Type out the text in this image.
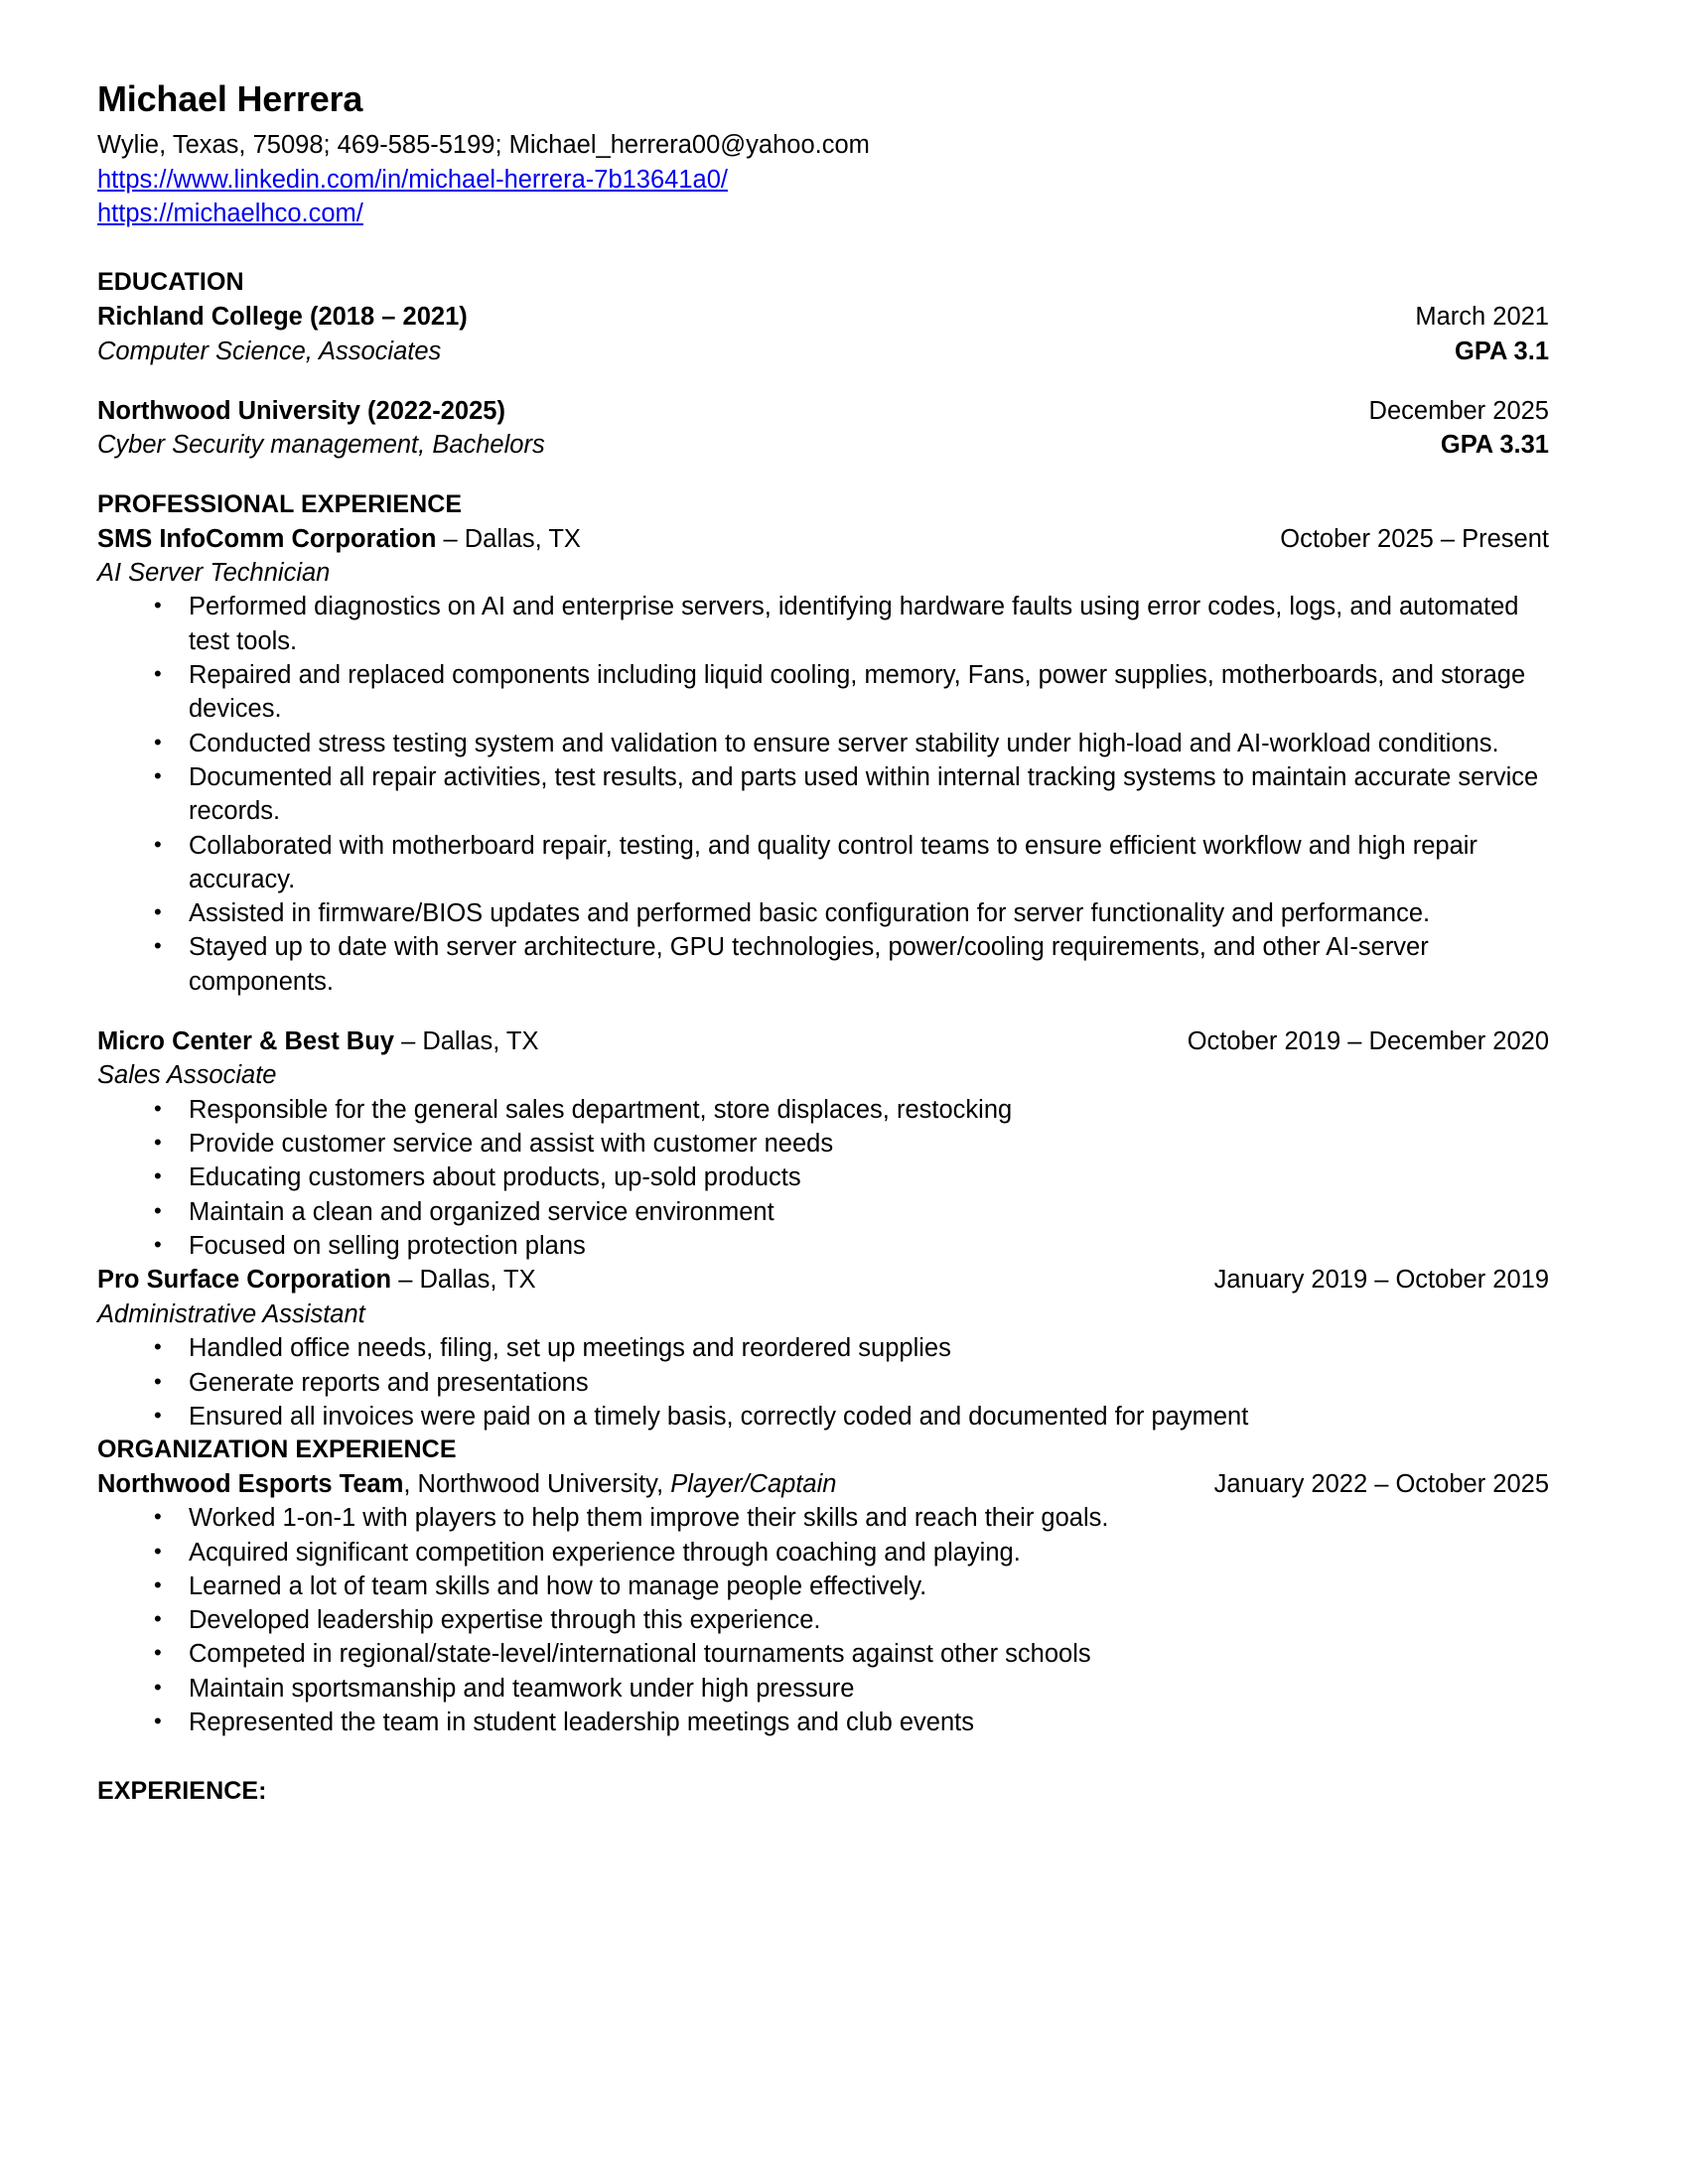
Michael Herrera
Wylie, Texas, 75098; 469-585-5199; Michael_herrera00@yahoo.com
https://www.linkedin.com/in/michael-herrera-7b13641a0/
https://michaelhco.com/
EDUCATION
Richland College (2018 – 2021)	March 2021
Computer Science, Associates	GPA 3.1
Northwood University (2022-2025)	December 2025
Cyber Security management, Bachelors	GPA 3.31
PROFESSIONAL EXPERIENCE
SMS InfoComm Corporation – Dallas, TX	October 2025 – Present
AI Server Technician
• Performed diagnostics on AI and enterprise servers, identifying hardware faults using error codes, logs, and automated test tools.
• Repaired and replaced components including liquid cooling, memory, Fans, power supplies, motherboards, and storage devices.
• Conducted stress testing system and validation to ensure server stability under high-load and AI-workload conditions.
• Documented all repair activities, test results, and parts used within internal tracking systems to maintain accurate service records.
• Collaborated with motherboard repair, testing, and quality control teams to ensure efficient workflow and high repair accuracy.
• Assisted in firmware/BIOS updates and performed basic configuration for server functionality and performance.
• Stayed up to date with server architecture, GPU technologies, power/cooling requirements, and other AI-server components.
Micro Center & Best Buy – Dallas, TX	October 2019 – December 2020
Sales Associate
• Responsible for the general sales department, store displaces, restocking
• Provide customer service and assist with customer needs
• Educating customers about products, up-sold products
• Maintain a clean and organized service environment
• Focused on selling protection plans
Pro Surface Corporation – Dallas, TX	January 2019 – October 2019
Administrative Assistant
• Handled office needs, filing, set up meetings and reordered supplies
• Generate reports and presentations
• Ensured all invoices were paid on a timely basis, correctly coded and documented for payment
ORGANIZATION EXPERIENCE
Northwood Esports Team, Northwood University, Player/Captain	January 2022 – October 2025
• Worked 1-on-1 with players to help them improve their skills and reach their goals.
• Acquired significant competition experience through coaching and playing.
• Learned a lot of team skills and how to manage people effectively.
• Developed leadership expertise through this experience.
• Competed in regional/state-level/international tournaments against other schools
• Maintain sportsmanship and teamwork under high pressure
• Represented the team in student leadership meetings and club events
EXPERIENCE:
